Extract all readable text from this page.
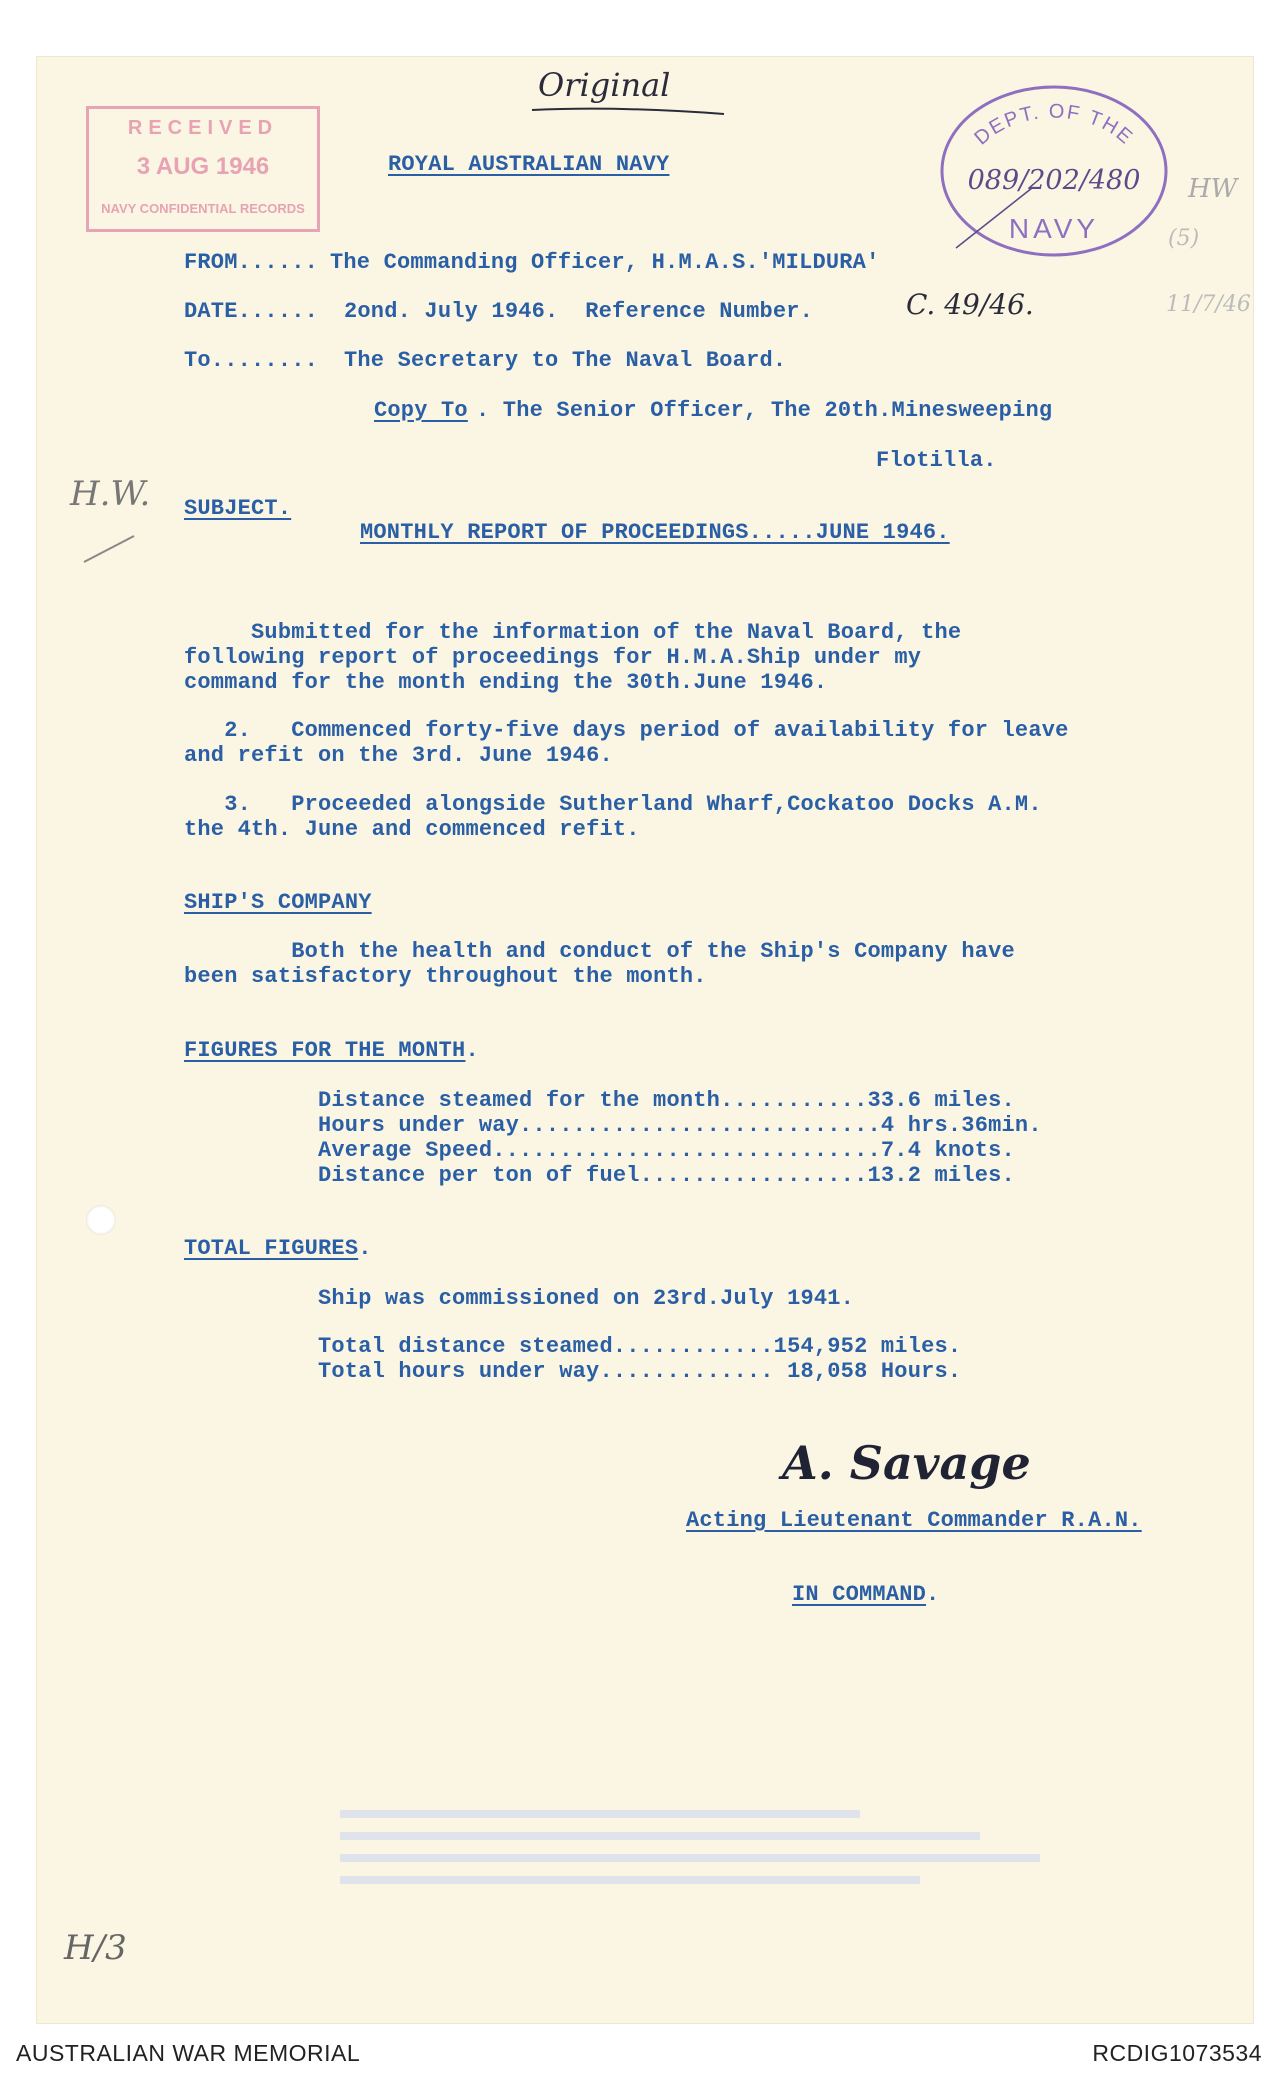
RECEIVED
3 AUG 1946
NAVY CONFIDENTIAL RECORDS
DEPT. OF THE
089/202/480
NAVY
Original
C. 49/46.
H.W.
HW
(5)
11/7/46
ROYAL AUSTRALIAN NAVY
FROM...... The Commanding Officer, H.M.A.S.'MILDURA'
DATE...... 2ond. July 1946.  Reference Number.
To........ The Secretary to The Naval Board.
Copy To . The Senior Officer, The 20th.Minesweeping
Flotilla.
SUBJECT.
MONTHLY REPORT OF PROCEEDINGS.....JUNE 1946.
Submitted for the information of the Naval Board, the
following report of proceedings for H.M.A.Ship under my
command for the month ending the 30th.June 1946.
2.   Commenced forty-five days period of availability for leave
and refit on the 3rd. June 1946.
3.   Proceeded alongside Sutherland Wharf,Cockatoo Docks A.M.
the 4th. June and commenced refit.
SHIP'S COMPANY
Both the health and conduct of the Ship's Company have
been satisfactory throughout the month.
FIGURES FOR THE MONTH.
Distance steamed for the month...........33.6 miles.
Hours under way...........................4 hrs.36min.
Average Speed.............................7.4 knots.
Distance per ton of fuel.................13.2 miles.
TOTAL FIGURES.
Ship was commissioned on 23rd.July 1941.
Total distance steamed............154,952 miles.
Total hours under way............. 18,058 Hours.
A. Savage
Acting Lieutenant Commander R.A.N.
IN COMMAND.
H/3
AUSTRALIAN WAR MEMORIAL	RCDIG1073534
